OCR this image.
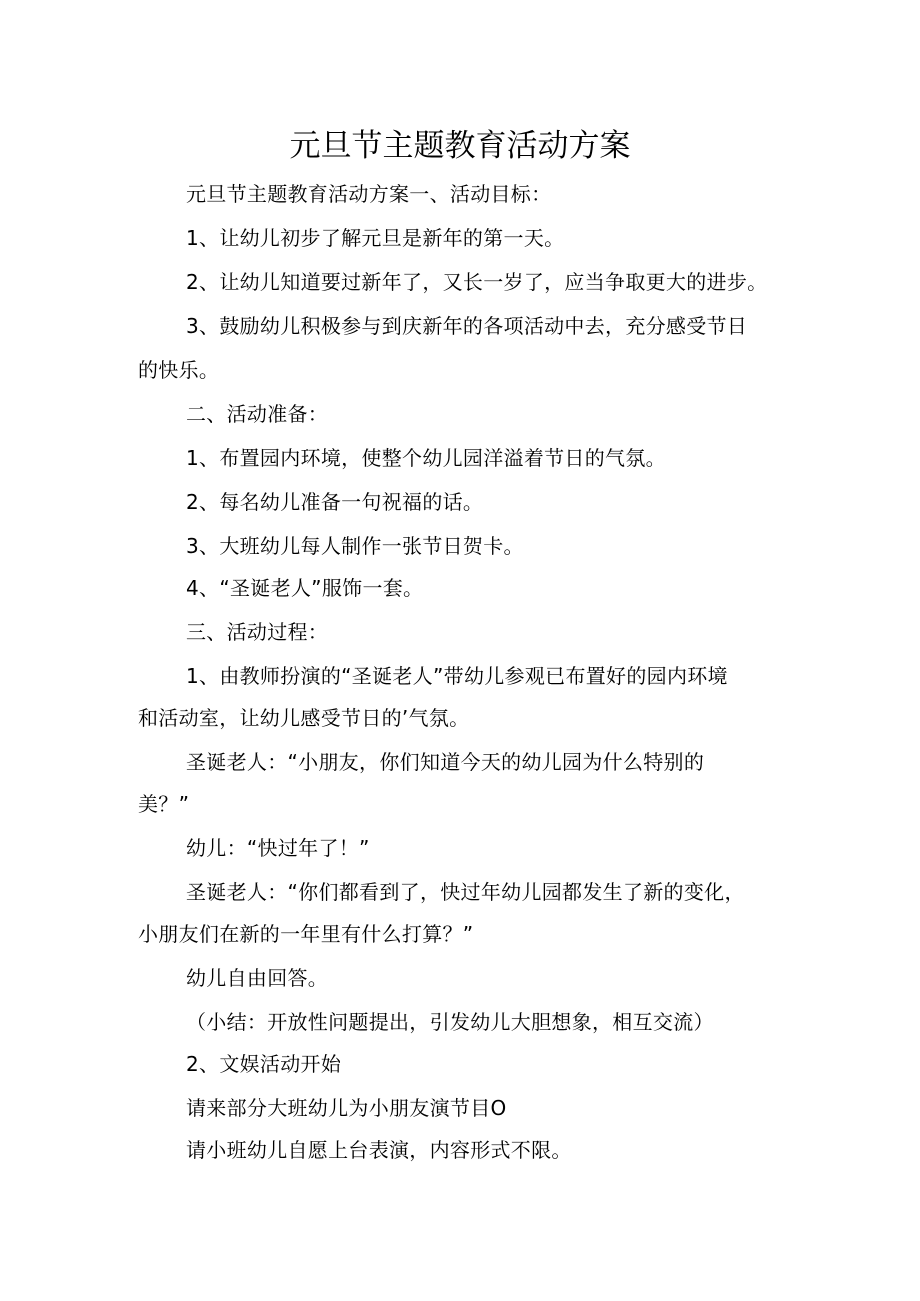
元旦节主题教育活动方案
元旦节主题教育活动方案一、活动目标：
1、让幼儿初步了解元旦是新年的第一天。
2、让幼儿知道要过新年了，又长一岁了，应当争取更大的进步。
3、鼓励幼儿积极参与到庆新年的各项活动中去，充分感受节日
的快乐。
二、活动准备：
1、布置园内环境，使整个幼儿园洋溢着节日的气氛。
2、每名幼儿准备一句祝福的话。
3、大班幼儿每人制作一张节日贺卡。
4、“圣诞老人”服饰一套。
三、活动过程：
1、由教师扮演的“圣诞老人”带幼儿参观已布置好的园内环境
和活动室，让幼儿感受节日的’气氛。
圣诞老人：“小朋友，你们知道今天的幼儿园为什么特别的
美？”
幼儿：“快过年了！”
圣诞老人：“你们都看到了，快过年幼儿园都发生了新的变化，
小朋友们在新的一年里有什么打算？”
幼儿自由回答。
（小结：开放性问题提出，引发幼儿大胆想象，相互交流）
2、文娱活动开始
请来部分大班幼儿为小朋友演节目O
请小班幼儿自愿上台表演，内容形式不限。
